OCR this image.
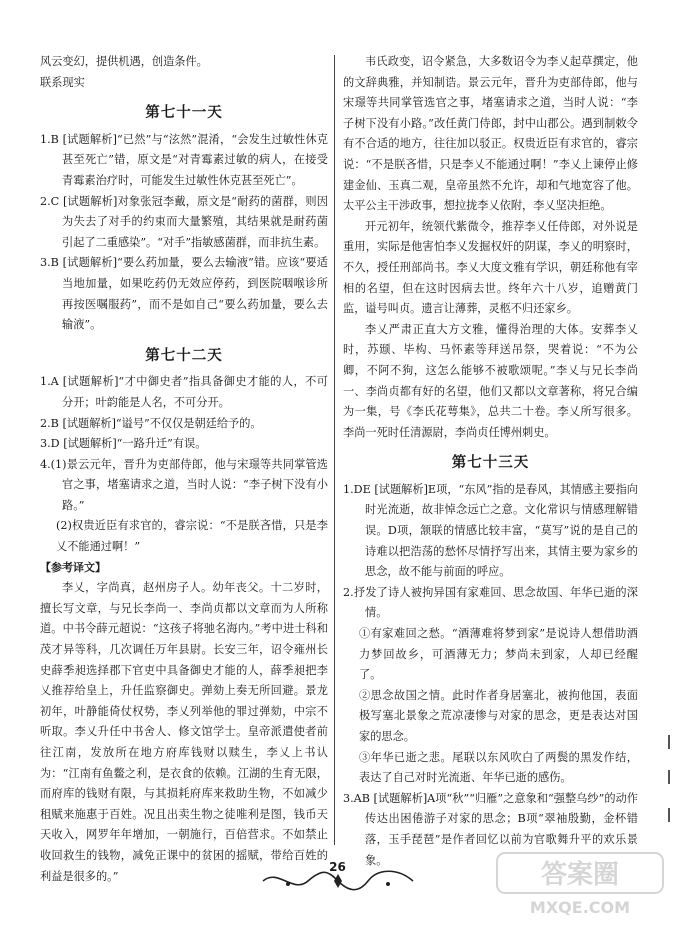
风云变幻，提供机遇，创造条件。

联系现实

第七十一天

1.B [试题解析]“已然”与“泫然”混淆，“会发生过敏性休克甚至死亡”错，原文是“对青霉素过敏的病人，在接受青霉素治疗时，可能发生过敏性休克甚至死亡”。

2.C [试题解析]对象张冠李戴，原文是“耐药的菌群，则因为失去了对手的约束而大量繁殖，其结果就是耐药菌引起了二重感染”。“对手”指敏感菌群，而非抗生素。

3.B [试题解析]“要么药加量，要么去输液”错。应该“要适当地加量，如果吃药仍无效应停药，到医院咽喉诊所再按医嘱服药”，而不是如自己“要么药加量，要么去输液”。

第七十二天

1.A [试题解析]“才中御史者”指具备御史才能的人，不可分开；叶韵能是人名，不可分开。

2.B [试题解析]“谥号”不仅仅是朝廷给予的。

3.D [试题解析]“一路升迁”有误。

4.(1)景云元年，晋升为吏部侍郎，他与宋璟等共同掌管选官之事，堵塞请求之道，当时人说：“李子树下没有小路。”

(2)权贵近臣有求官的，睿宗说：“不是朕吝惜，只是李乂不能通过啊！”

【参考译文】

李乂，字尚真，赵州房子人。幼年丧父。十二岁时，擅长写文章，与兄长李尚一、李尚贞都以文章而为人所称道。中书令薛元超说：“这孩子将驰名海内。”考中进士科和茂才异等科，几次调任万年县尉。长安三年，诏令雍州长史薛季昶选择郡下官吏中具备御史才能的人，薛季昶把李乂推荐给皇上，升任监察御史。弹劾上奏无所回避。景龙初年，叶静能倚仗权势，李乂列举他的罪过弹劾，中宗不听取。李乂升任中书舍人、修文馆学士。皇帝派遣使者前往江南，发放所在地方府库钱财以赎生，李乂上书认为：“江南有鱼鳖之利，是衣食的依赖。江湖的生育无限，而府库的钱财有限，与其损耗府库来救助生物，不如减少租赋来施惠于百姓。况且出卖生物之徒唯利是图，钱币天天收入，网罗年年增加，一朝施行，百倍营求。不如禁止收回救生的钱物，减免正课中的贫困的摇赋，带给百姓的利益是很多的。”

韦氏政变，诏令紧急，大多数诏令为李乂起草撰定，他的文辞典雅，并知制诰。景云元年，晋升为吏部侍郎，他与宋璟等共同掌管选官之事，堵塞请求之道，当时人说：“李子树下没有小路。”改任黄门侍郎，封中山郡公。遇到制敕令有不合适的地方，往往加以驳正。权贵近臣有求官的，睿宗说：“不是朕吝惜，只是李乂不能通过啊！”李乂上谏停止修建金仙、玉真二观，皇帝虽然不允许，却和气地宽容了他。太平公主干涉政事，想拉拢李乂依附，李乂坚决拒绝。

开元初年，统领代紫微令，推荐李乂任侍郎，对外说是重用，实际是他害怕李乂发掘权奸的阴谋，李乂的明察时，不久，授任刑部尚书。李乂大度文雅有学识，朝廷称他有宰相的名望，但在这时因病去世。终年六十八岁，追赠黄门监，谥号叫贞。遗言让薄葬，灵柩不归还家乡。

李乂严肃正直大方文雅，懂得治理的大体。安葬李乂时，苏颋、毕构、马怀素等拜送吊祭，哭着说：“不为公卿，不阿不狗，这怎么能够不被歌颂呢。”李乂与兄长李尚一、李尚贞都有好的名望，他们又都以文章著称，将兄合编为一集，号《李氏花萼集》，总共二十卷。李乂所写很多。李尚一死时任清源尉，李尚贞任博州刺史。

第七十三天

1.DE [试题解析]E项，“东风”指的是春风，其情感主要指向时光流逝，故非悼念远亡之意。文化常识与情感理解错误。D项，颔联的情感比较丰富，“莫写”说的是自己的诗难以把浩荡的愁怀尽情抒写出来，其情主要为家乡的思念，故不能与前面的呼应。

2.抒发了诗人被拘异国有家难回、思念故国、年华已逝的深情。

①有家难回之愁。“酒薄难将梦到家”是说诗人想借助酒力梦回故乡，可酒薄无力；梦尚未到家，人却已经醒了。

②思念故国之情。此时作者身居塞北，被拘他国，表面极写塞北景象之荒凉凄惨与对家的思念，更是表达对国家的思念。

③年华已逝之悲。尾联以东风吹白了两鬓的黑发作结，表达了自己对时光流逝、年华已逝的感伤。

3.AB [试题解析]A项“秋”“归雁”之意象和“强整乌纱”的动作传达出困倦游子对家的思念；B项“翠袖殷勤，金杯错落，玉手琵琶”是作者回忆以前为官歌舞升平的欢乐景象。

26	答案圈
MXQE.COM
